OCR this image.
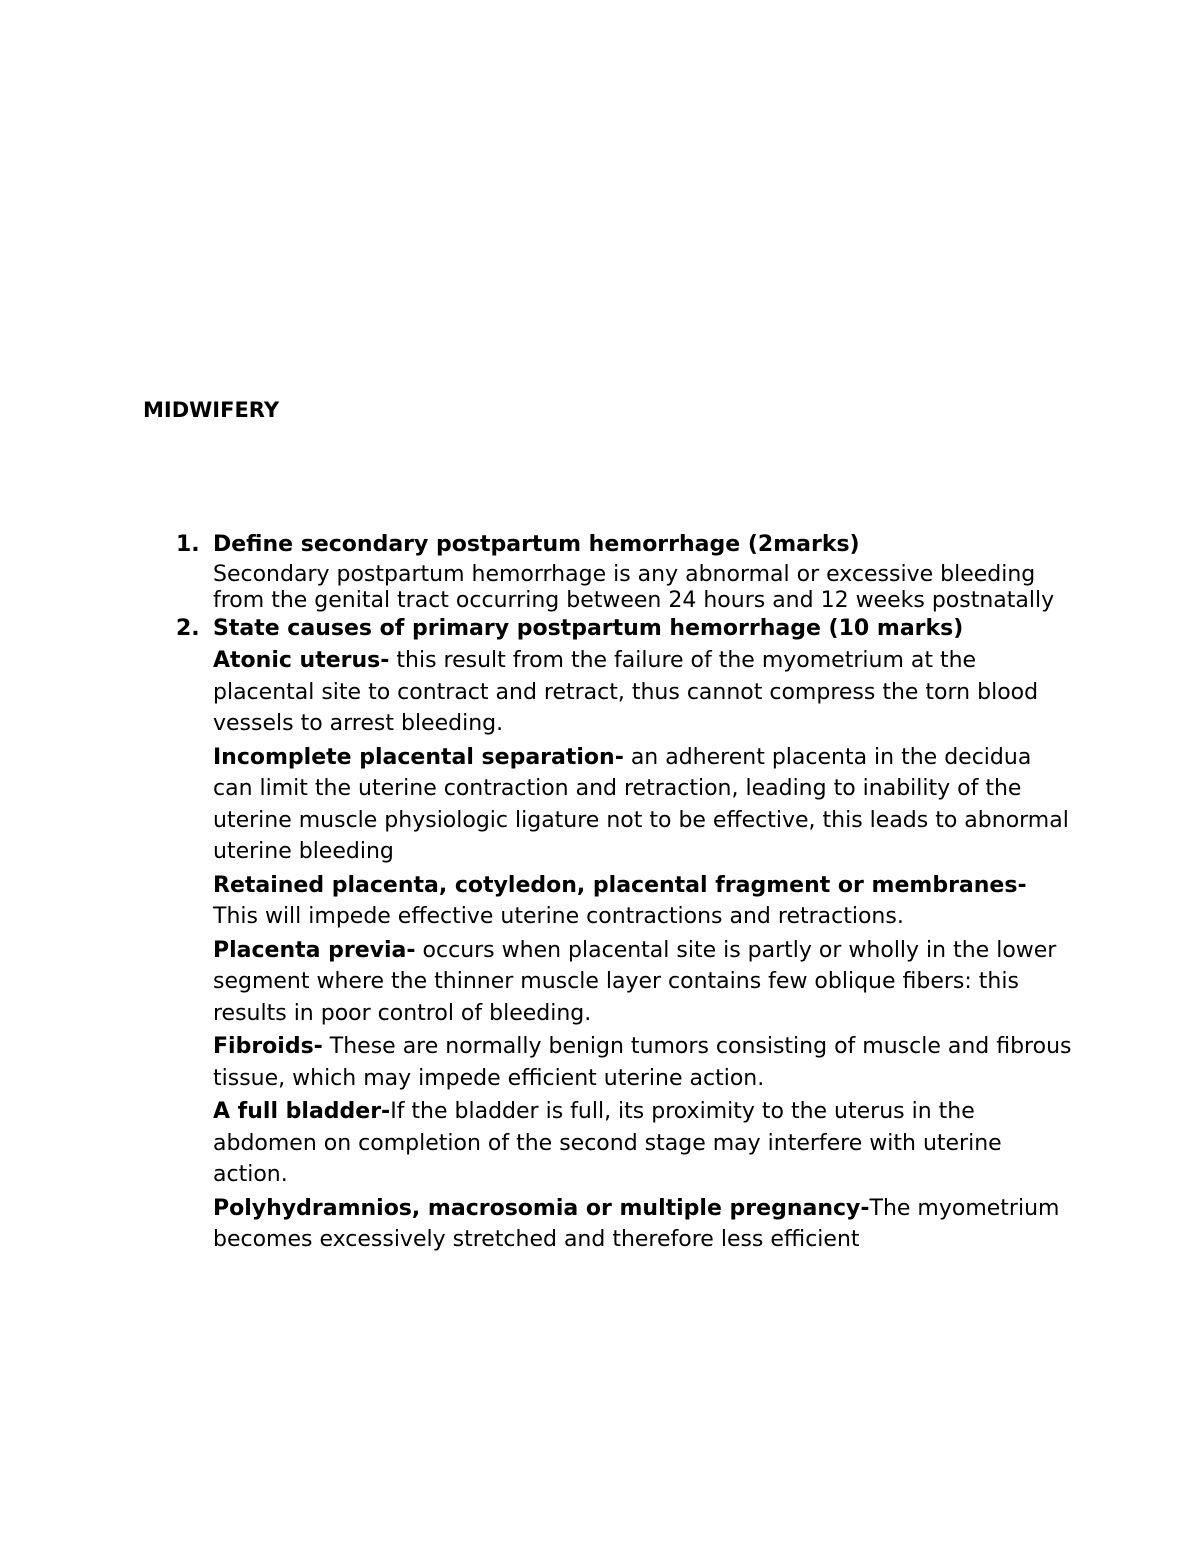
MIDWIFERY
1. Define secondary postpartum hemorrhage (2marks)
Secondary postpartum hemorrhage is any abnormal or excessive bleeding from the genital tract occurring between 24 hours and 12 weeks postnatally
2. State causes of primary postpartum hemorrhage (10 marks)
Atonic uterus- this result from the failure of the myometrium at the placental site to contract and retract, thus cannot compress the torn blood vessels to arrest bleeding.
Incomplete placental separation- an adherent placenta in the decidua can limit the uterine contraction and retraction, leading to inability of the uterine muscle physiologic ligature not to be effective, this leads to abnormal uterine bleeding
Retained placenta, cotyledon, placental fragment or membranes- This will impede effective uterine contractions and retractions.
Placenta previa- occurs when placental site is partly or wholly in the lower segment where the thinner muscle layer contains few oblique fibers: this results in poor control of bleeding.
Fibroids- These are normally benign tumors consisting of muscle and fibrous tissue, which may impede efficient uterine action.
A full bladder-If the bladder is full, its proximity to the uterus in the abdomen on completion of the second stage may interfere with uterine action.
Polyhydramnios, macrosomia or multiple pregnancy-The myometrium becomes excessively stretched and therefore less efficient
